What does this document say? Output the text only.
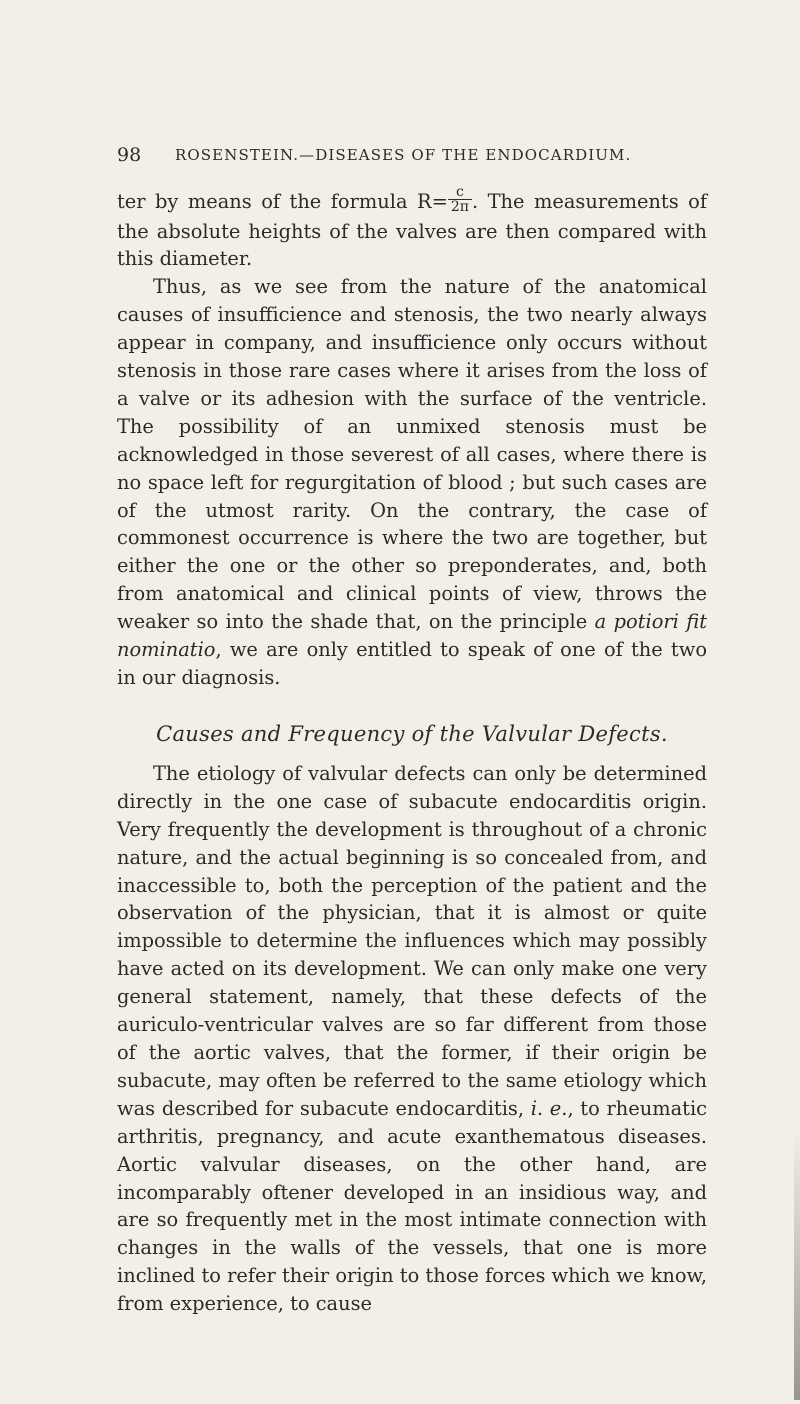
98 ROSENSTEIN.—DISEASES OF THE ENDOCARDIUM.

ter by means of the formula $R= \frac{c}{2\pi}$ . The measurements of the absolute heights of the valves are then compared with this diameter.

Thus, as we see from the nature of the anatomical causes of insufficience and stenosis, the two nearly always appear in company, and insufficience only occurs without stenosis in those rare cases where it arises from the loss of a valve or its adhesion with the surface of the ventricle. The possibility of an unmixed stenosis must be acknowledged in those severest of all cases, where there is no space left for regurgitation of blood ; but such cases are of the utmost rarity. On the contrary, the case of commonest occurrence is where the two are together, but either the one or the other so preponderates, and, both from anatomical and clinical points of view, throws the weaker so into the shade that, on the principle a potiori fit nominatio, we are only entitled to speak of one of the two in our diagnosis.

Causes and Frequency of the Valvular Defects.

The etiology of valvular defects can only be determined directly in the one case of subacute endocarditis origin. Very frequently the development is throughout of a chronic nature, and the actual beginning is so concealed from, and inaccessible to, both the perception of the patient and the observation of the physician, that it is almost or quite impossible to determine the influences which may possibly have acted on its development. We can only make one very general statement, namely, that these defects of the auriculo-ventricular valves are so far different from those of the aortic valves, that the former, if their origin be subacute, may often be referred to the same etiology which was described for subacute endocarditis, i. e., to rheumatic arthritis, pregnancy, and acute exanthematous diseases. Aortic valvular diseases, on the other hand, are incomparably oftener developed in an insidious way, and are so frequently met in the most intimate connection with changes in the walls of the vessels, that one is more inclined to refer their origin to those forces which we know, from experience, to cause
